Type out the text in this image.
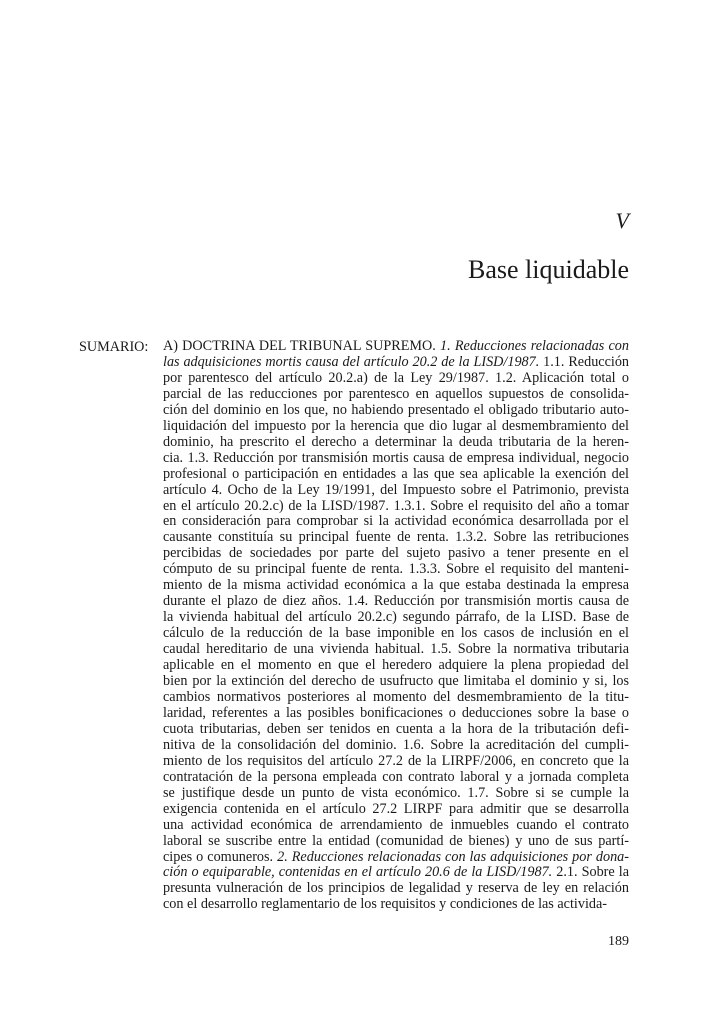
V
Base liquidable
SUMARIO: A) DOCTRINA DEL TRIBUNAL SUPREMO. 1. Reducciones relacionadas con
las adquisiciones mortis causa del artículo 20.2 de la LISD/1987. 1.1. Reducción
por parentesco del artículo 20.2.a) de la Ley 29/1987. 1.2. Aplicación total o
parcial de las reducciones por parentesco en aquellos supuestos de consolida-
ción del dominio en los que, no habiendo presentado el obligado tributario auto-
liquidación del impuesto por la herencia que dio lugar al desmembramiento del
dominio, ha prescrito el derecho a determinar la deuda tributaria de la heren-
cia. 1.3. Reducción por transmisión mortis causa de empresa individual, negocio
profesional o participación en entidades a las que sea aplicable la exención del
artículo 4. Ocho de la Ley 19/1991, del Impuesto sobre el Patrimonio, prevista
en el artículo 20.2.c) de la LISD/1987. 1.3.1. Sobre el requisito del año a tomar
en consideración para comprobar si la actividad económica desarrollada por el
causante constituía su principal fuente de renta. 1.3.2. Sobre las retribuciones
percibidas de sociedades por parte del sujeto pasivo a tener presente en el
cómputo de su principal fuente de renta. 1.3.3. Sobre el requisito del manteni-
miento de la misma actividad económica a la que estaba destinada la empresa
durante el plazo de diez años. 1.4. Reducción por transmisión mortis causa de
la vivienda habitual del artículo 20.2.c) segundo párrafo, de la LISD. Base de
cálculo de la reducción de la base imponible en los casos de inclusión en el
caudal hereditario de una vivienda habitual. 1.5. Sobre la normativa tributaria
aplicable en el momento en que el heredero adquiere la plena propiedad del
bien por la extinción del derecho de usufructo que limitaba el dominio y si, los
cambios normativos posteriores al momento del desmembramiento de la titu-
laridad, referentes a las posibles bonificaciones o deducciones sobre la base o
cuota tributarias, deben ser tenidos en cuenta a la hora de la tributación defi-
nitiva de la consolidación del dominio. 1.6. Sobre la acreditación del cumpli-
miento de los requisitos del artículo 27.2 de la LIRPF/2006, en concreto que la
contratación de la persona empleada con contrato laboral y a jornada completa
se justifique desde un punto de vista económico. 1.7. Sobre si se cumple la
exigencia contenida en el artículo 27.2 LIRPF para admitir que se desarrolla
una actividad económica de arrendamiento de inmuebles cuando el contrato
laboral se suscribe entre la entidad (comunidad de bienes) y uno de sus partí-
cipes o comuneros. 2. Reducciones relacionadas con las adquisiciones por dona-
ción o equiparable, contenidas en el artículo 20.6 de la LISD/1987. 2.1. Sobre la
presunta vulneración de los principios de legalidad y reserva de ley en relación
con el desarrollo reglamentario de los requisitos y condiciones de las activida-
189
